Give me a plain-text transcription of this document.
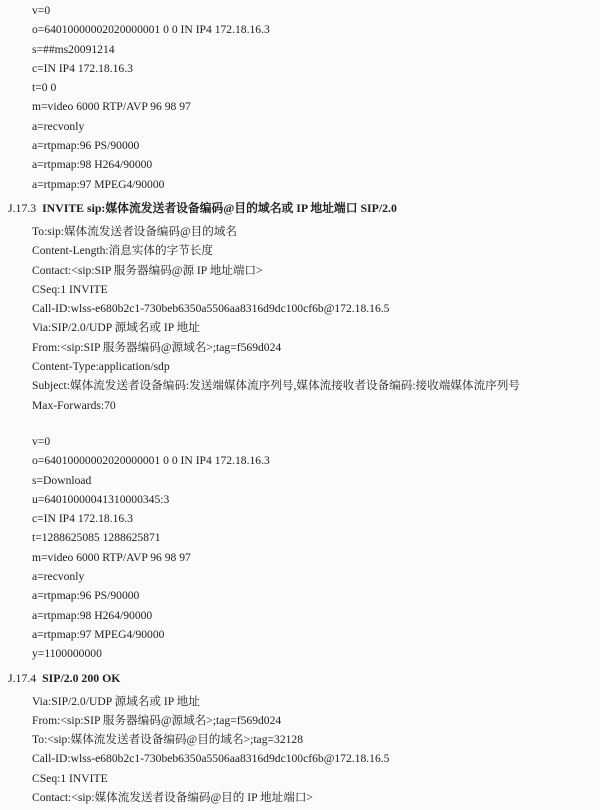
v=0
o=64010000002020000001 0 0 IN IP4 172.18.16.3
s=##ms20091214
c=IN IP4 172.18.16.3
t=0 0
m=video 6000 RTP/AVP 96 98 97
a=recvonly
a=rtpmap:96 PS/90000
a=rtpmap:98 H264/90000
a=rtpmap:97 MPEG4/90000
J.17.3 INVITE sip:媒体流发送者设备编码@目的域名或 IP 地址端口 SIP/2.0
To:sip:媒体流发送者设备编码@目的域名
Content-Length:消息实体的字节长度
Contact:<sip:SIP 服务器编码@源 IP 地址端口>
CSeq:1 INVITE
Call-ID:wlss-e680b2c1-730beb6350a5506aa8316d9dc100cf6b@172.18.16.5
Via:SIP/2.0/UDP 源域名或 IP 地址
From:<sip:SIP 服务器编码@源域名>;tag=f569d024
Content-Type:application/sdp
Subject:媒体流发送者设备编码:发送端媒体流序列号,媒体流接收者设备编码:接收端媒体流序列号
Max-Forwards:70
v=0
o=64010000002020000001 0 0 IN IP4 172.18.16.3
s=Download
u=64010000041310000345:3
c=IN IP4 172.18.16.3
t=1288625085 1288625871
m=video 6000 RTP/AVP 96 98 97
a=recvonly
a=rtpmap:96 PS/90000
a=rtpmap:98 H264/90000
a=rtpmap:97 MPEG4/90000
y=1100000000
J.17.4 SIP/2.0 200 OK
Via:SIP/2.0/UDP 源域名或 IP 地址
From:<sip:SIP 服务器编码@源域名>;tag=f569d024
To:<sip:媒体流发送者设备编码@目的域名>;tag=32128
Call-ID:wlss-e680b2c1-730beb6350a5506aa8316d9dc100cf6b@172.18.16.5
CSeq:1 INVITE
Contact:<sip:媒体流发送者设备编码@目的 IP 地址端口>
